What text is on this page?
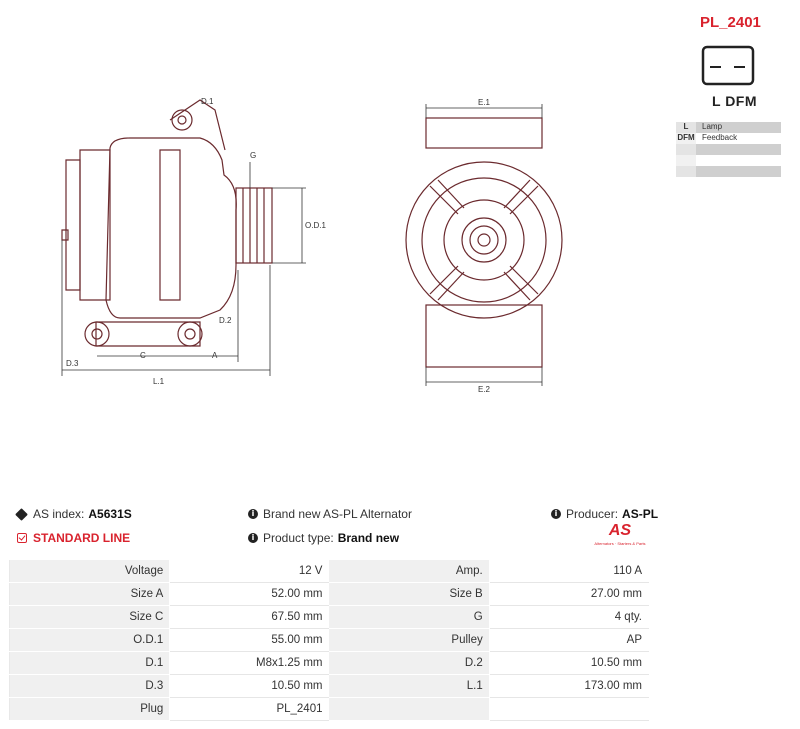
D.1
G
O.D.1
D.2
D.3
C	A
L.1
E.1
E.2
PL_2401
L DFM
L	Lamp
DFM Feedback
AS index: A5631S	i Brand new AS-PL Alternator	i Producer: AS-PL
STANDARD LINE	i Product type: Brand new	AS
Alternators · Starters & Parts
Voltage	12 V	Amp.	110 A
Size A	52.00 mm	Size B	27.00 mm
Size C	67.50 mm	G	4 qty.
O.D.1	55.00 mm	Pulley	AP
D.1	M8x1.25 mm	D.2	10.50 mm
D.3	10.50 mm	L.1	173.00 mm
Plug	PL_2401		
